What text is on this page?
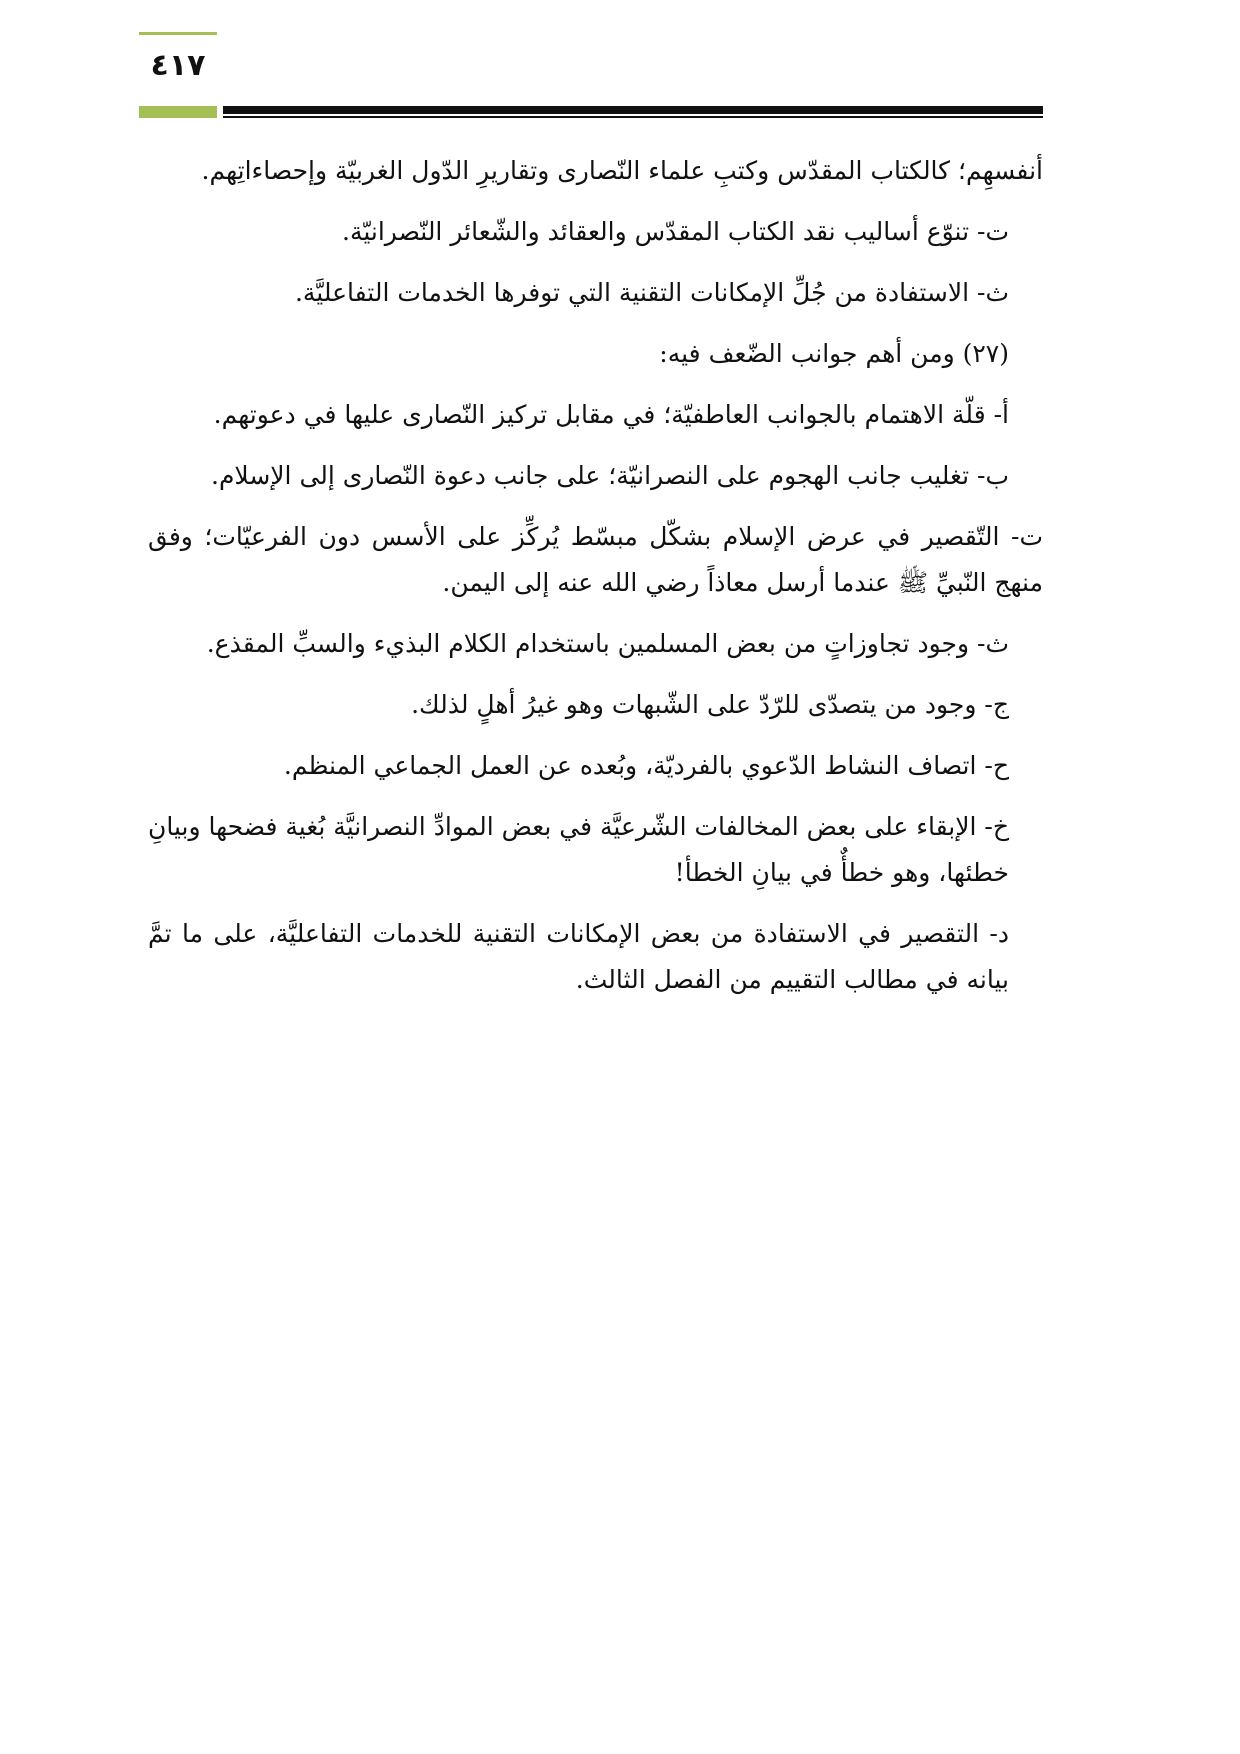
٤١٧

أنفسهِم؛ كالكتاب المقدّس وكتبِ علماء النّصارى وتقاريرِ الدّول الغربيّة وإحصاءاتِهم.

ت- تنوّع أساليب نقد الكتاب المقدّس والعقائد والشّعائر النّصرانيّة.

ث- الاستفادة من جُلِّ الإمكانات التقنية التي توفرها الخدمات التفاعليَّة.

(٢٧) ومن أهم جوانب الضّعف فيه:

أ- قلّة الاهتمام بالجوانب العاطفيّة؛ في مقابل تركيز النّصارى عليها في دعوتهم.

ب- تغليب جانب الهجوم على النصرانيّة؛ على جانب دعوة النّصارى إلى الإسلام.

ت- التّقصير في عرض الإسلام بشكّل مبسّط يُركِّز على الأسس دون الفرعيّات؛ وفق منهج النّبيِّ ﷺ عندما أرسل معاذاً رضي الله عنه إلى اليمن.

ث- وجود تجاوزاتٍ من بعض المسلمين باستخدام الكلام البذيء والسبِّ المقذع.

ج- وجود من يتصدّى للرّدّ على الشّبهات وهو غيرُ أهلٍ لذلك.

ح- اتصاف النشاط الدّعوي بالفرديّة، وبُعده عن العمل الجماعي المنظم.

خ- الإبقاء على بعض المخالفات الشّرعيَّة في بعض الموادِّ النصرانيَّة بُغية فضحها وبيانِ خطئها، وهو خطأٌ في بيانِ الخطأ!

د- التقصير في الاستفادة من بعض الإمكانات التقنية للخدمات التفاعليَّة، على ما تمَّ بيانه في مطالب التقييم من الفصل الثالث.
